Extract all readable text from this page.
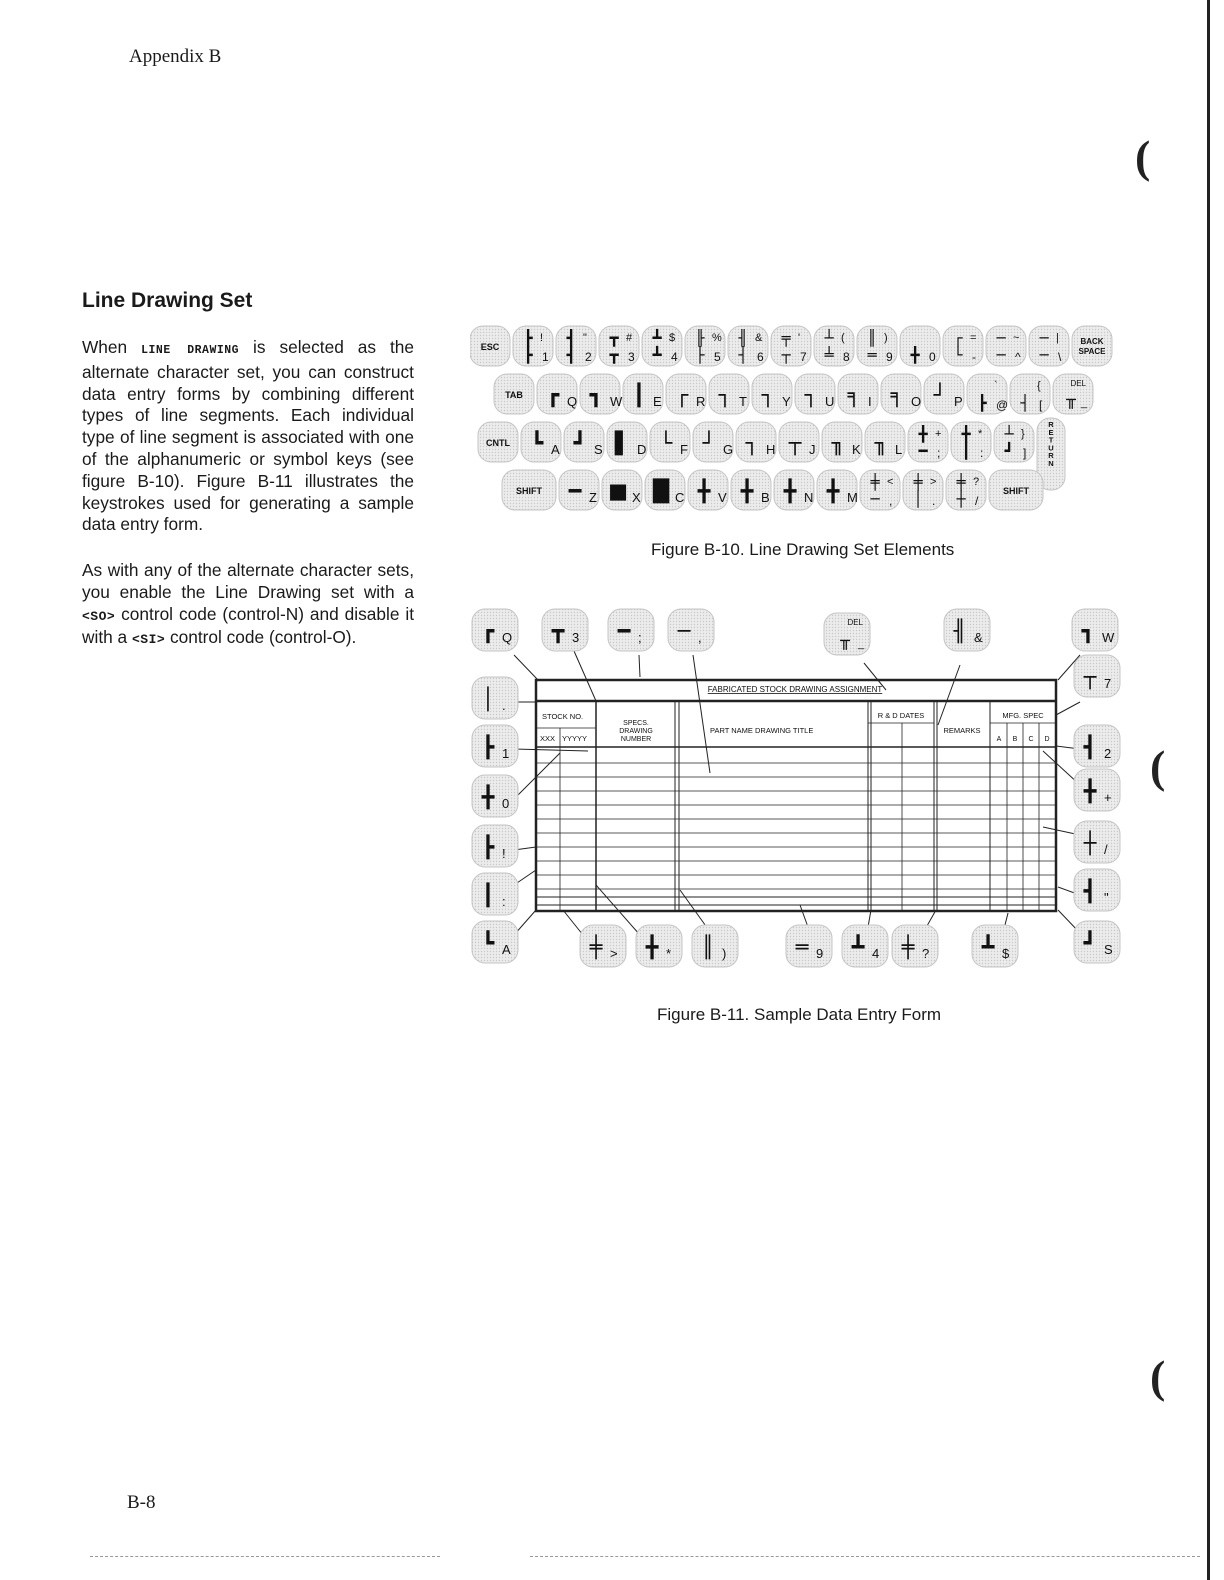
Appendix B
B-8
Line Drawing Set
When LINE DRAWING is selected as the alternate character set, you can construct data entry forms by combining different types of line segments. Each individual type of line segment is associated with one of the alphanumeric or symbol keys (see figure B-10). Figure B-11 illustrates the keystrokes used for generating a sample data entry form.
As with any of the alternate character sets, you enable the Line Drawing set with a <SO> control code (control-N) and disable it with a <SI> control code (control-O).
ESC ┣ !
┣ 1
┫ "
┫ 2
┳ #
┳ 3
┻ $
┻ 4
╟ %
├ 5
╢ &
┤ 6
╤ '
┬ 7
┴ (
╧ 8
║ )
═ 9 ╋ 0
┌ =
└ -
─ ~
─ ^
─ |
─ \
BACK
SPACE
TAB ┏ Q ┓ W ┃ E ┌ R ┐ T ┐ Y ┐ U ╕ I ╕ O ┘ P
`
┣ @
{
┤ [
DEL
╥ _
CNTL ┗ A ┛ S ▌ D └ F ┘ G ┐ H ┬ J ╖ K ╖ L
╋ +
━ ;
╋ *
┃ :
┴ }
┛ ]
R
E
T
U
R
N
SHIFT ━ Z ■ X █ C ╋ V ╋ B ╋ N ╋ M
╪ <
─ ,
╪ >
│ .
╪ ?
┼ /
SHIFT
Figure B-10. Line Drawing Set Elements
FABRICATED STOCK DRAWING ASSIGNMENT
STOCK NO.
XXX YYYYY
SPECS.
DRAWING
NUMBER
PART NAME DRAWING TITLE
R & D DATES
REMARKS
MFG. SPEC
A B C D
┏ Q ┳ 3 ━ ; ─ ,
DEL
╥ _
╢ &	┓ W
│ .
┣ 1
╋ 0
┣ !
┃ :
┗ A
┬ 7
┫ 2
╋ +
┼ /
┫ "
┛ S
╪ > ╋ * ║ )	═ 9 ┻ 4 ╪ ? ┻ $
Figure B-11. Sample Data Entry Form
(
(
(
